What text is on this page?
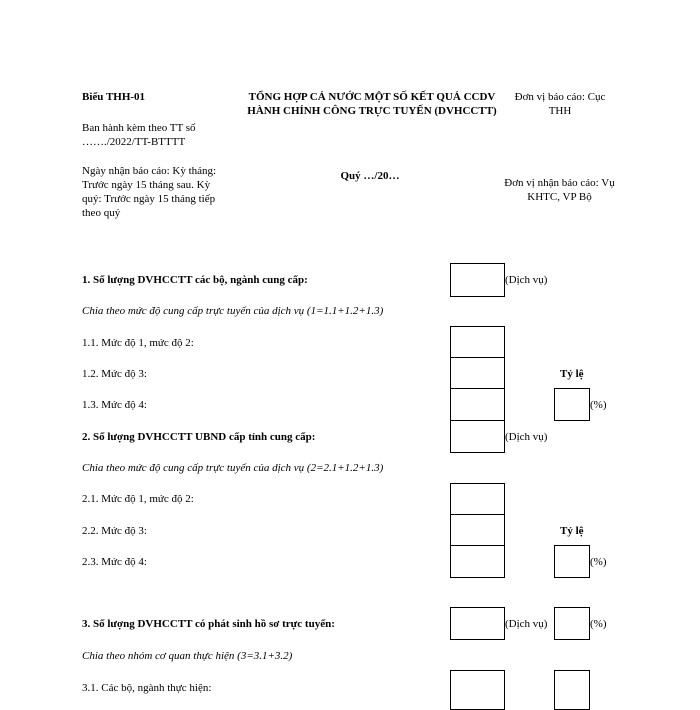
Biểu THH-01
Ban hành kèm theo TT số ……./2022/TT-BTTTT
Ngày nhận báo cáo: Kỳ tháng: Trước ngày 15 tháng sau. Kỳ quý: Trước ngày 15 tháng tiếp theo quý
TỔNG HỢP CẢ NƯỚC MỘT SỐ KẾT QUẢ CCDV
HÀNH CHÍNH CÔNG TRỰC TUYẾN (DVHCCTT)
Quý …/20…
Đơn vị báo cáo: Cục THH
Đơn vị nhận báo cáo: Vụ KHTC, VP Bộ
1. Số lượng DVHCCTT các bộ, ngành cung cấp:	(Dịch vụ)
Chia theo mức độ cung cấp trực tuyến của dịch vụ (1=1.1+1.2+1.3)
1.1. Mức độ 1, mức độ 2:
1.2. Mức độ 3:	Tỷ lệ
1.3. Mức độ 4:	(%)
2. Số lượng DVHCCTT UBND cấp tỉnh cung cấp:	(Dịch vụ)
Chia theo mức độ cung cấp trực tuyến của dịch vụ (2=2.1+1.2+1.3)
2.1. Mức độ 1, mức độ 2:
2.2. Mức độ 3:	Tỷ lệ
2.3. Mức độ 4:	(%)
3. Số lượng DVHCCTT có phát sinh hồ sơ trực tuyến:	(Dịch vụ)	(%)
Chia theo nhóm cơ quan thực hiện (3=3.1+3.2)
3.1. Các bộ, ngành thực hiện:
